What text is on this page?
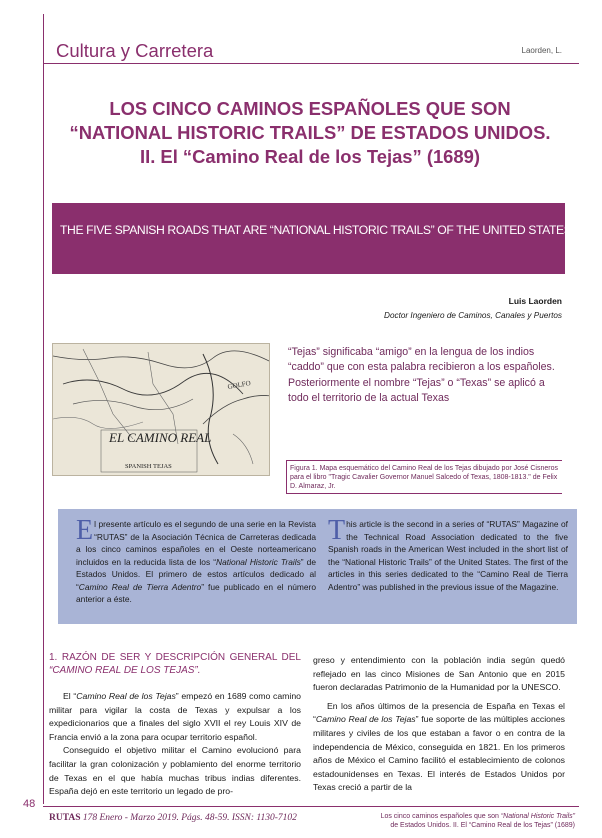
Cultura y Carretera	Laorden, L.
LOS CINCO CAMINOS ESPAÑOLES QUE SON
“NATIONAL HISTORIC TRAILS” DE ESTADOS UNIDOS.
II. El “Camino Real de los Tejas” (1689)
THE FIVE SPANISH ROADS THAT ARE “NATIONAL HISTORIC TRAILS” OF THE UNITED STATES
Luis Laorden
Doctor Ingeniero de Caminos, Canales y Puertos
GOLFO
EL CAMINO REAL
SPANISH TEJAS
“Tejas” significaba “amigo” en la lengua de los indios “caddo” que con esta palabra recibieron a los españoles. Posteriormente el nombre “Tejas” o “Texas” se aplicó a todo el territorio de la actual Texas
Figura 1. Mapa esquemático del Camino Real de los Tejas dibujado por José Cisneros para el libro "Tragic Cavalier Governor Manuel Salcedo of Texas, 1808-1813." de Felix D. Almaraz, Jr.
El presente artículo es el segundo de una serie en la Revista “RUTAS” de la Asociación Técnica de Carreteras dedicada a los cinco caminos españoles en el Oeste norteamericano incluidos en la reducida lista de los “National Historic Trails” de Estados Unidos. El primero de estos artículos dedicado al “Camino Real de Tierra Adentro” fue publicado en el número anterior a éste.
This article is the second in a series of “RUTAS” Magazine of the Technical Road Association dedicated to the five Spanish roads in the American West included in the short list of the “National Historic Trails” of the United States. The first of the articles in this series dedicated to the “Camino Real de Tierra Adentro” was published in the previous issue of the Magazine.
1. RAZÓN DE SER Y DESCRIPCIÓN GENERAL DEL “CAMINO REAL DE LOS TEJAS”.

El “Camino Real de los Tejas” empezó en 1689 como camino militar para vigilar la costa de Texas y expulsar a los expedicionarios que a finales del siglo XVII el rey Louis XIV de Francia envió a la zona para ocupar territorio español.

Conseguido el objetivo militar el Camino evolucionó para facilitar la gran colonización y poblamiento del enorme territorio de Texas en el que había muchas tribus indias diferentes. España dejó en este territorio un legado de pro-

greso y entendimiento con la población india según quedó reflejado en las cinco Misiones de San Antonio que en 2015 fueron declaradas Patrimonio de la Humanidad por la UNESCO.

En los años últimos de la presencia de España en Texas el “Camino Real de los Tejas” fue soporte de las múltiples acciones militares y civiles de los que estaban a favor o en contra de la independencia de México, conseguida en 1821. En los primeros años de México el Camino facilitó el establecimiento de colonos estadounidenses en Texas. El interés de Estados Unidos por Texas creció a partir de la

48
RUTAS 178 Enero - Marzo 2019. Págs. 48-59. ISSN: 1130-7102	Los cinco caminos españoles que son “National Historic Trails”
de Estados Unidos. II. El “Camino Real de los Tejas” (1689)
